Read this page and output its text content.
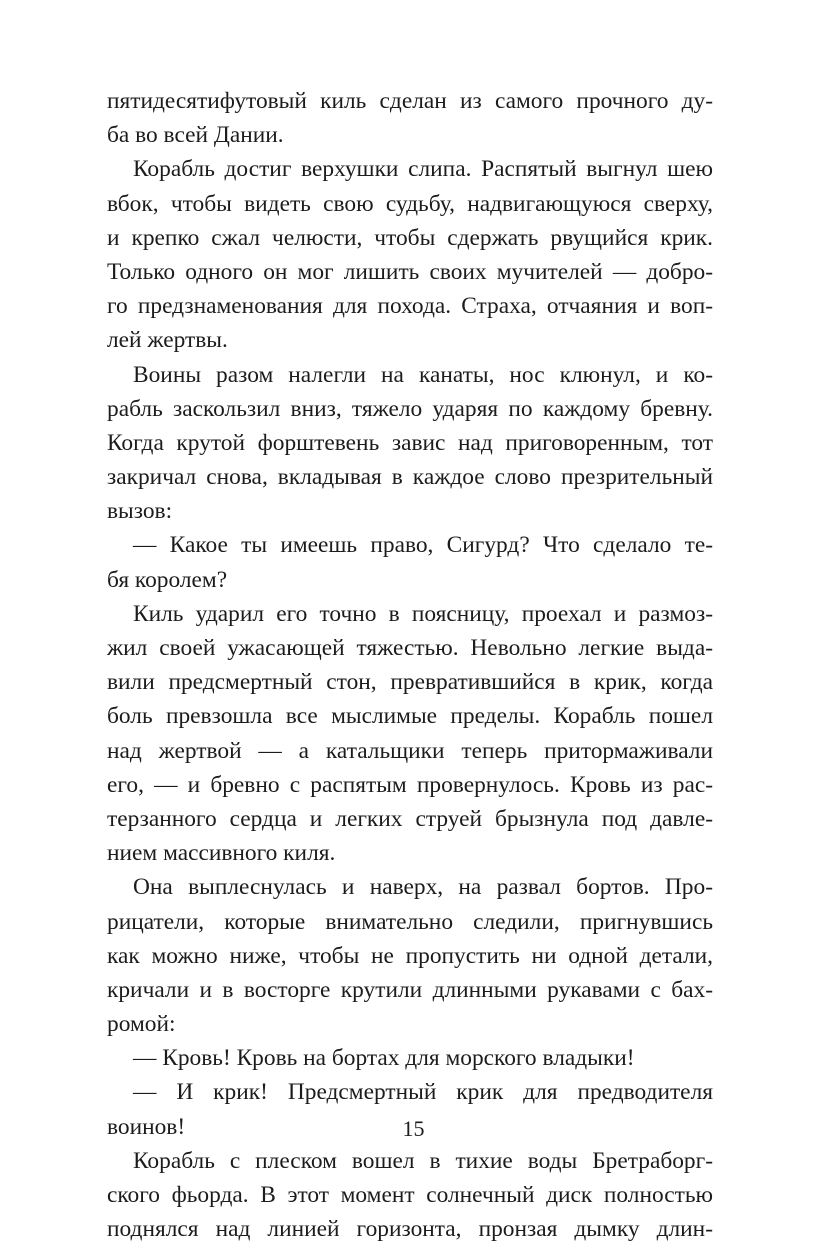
пятидесятифутовый киль сделан из самого прочного ду-
ба во всей Дании.
Корабль достиг верхушки слипа. Распятый выгнул шею
вбок, чтобы видеть свою судьбу, надвигающуюся сверху,
и крепко сжал челюсти, чтобы сдержать рвущийся крик.
Только одного он мог лишить своих мучителей — добро-
го предзнаменования для похода. Страха, отчаяния и воп-
лей жертвы.
Воины разом налегли на канаты, нос клюнул, и ко-
рабль заскользил вниз, тяжело ударяя по каждому бревну.
Когда крутой форштевень завис над приговоренным, тот
закричал снова, вкладывая в каждое слово презрительный
вызов:
— Какое ты имеешь право, Сигурд? Что сделало те-
бя королем?
Киль ударил его точно в поясницу, проехал и размоз-
жил своей ужасающей тяжестью. Невольно легкие выда-
вили предсмертный стон, превратившийся в крик, когда
боль превзошла все мыслимые пределы. Корабль пошел
над жертвой — а катальщики теперь притормаживали
его, — и бревно с распятым провернулось. Кровь из рас-
терзанного сердца и легких струей брызнула под давле-
нием массивного киля.
Она выплеснулась и наверх, на развал бортов. Про-
рицатели, которые внимательно следили, пригнувшись
как можно ниже, чтобы не пропустить ни одной детали,
кричали и в восторге крутили длинными рукавами с бах-
ромой:
— Кровь! Кровь на бортах для морского владыки!
— И крик! Предсмертный крик для предводителя
воинов!
Корабль с плеском вошел в тихие воды Бретраборг-
ского фьорда. В этот момент солнечный диск полностью
поднялся над линией горизонта, пронзая дымку длин-
15
